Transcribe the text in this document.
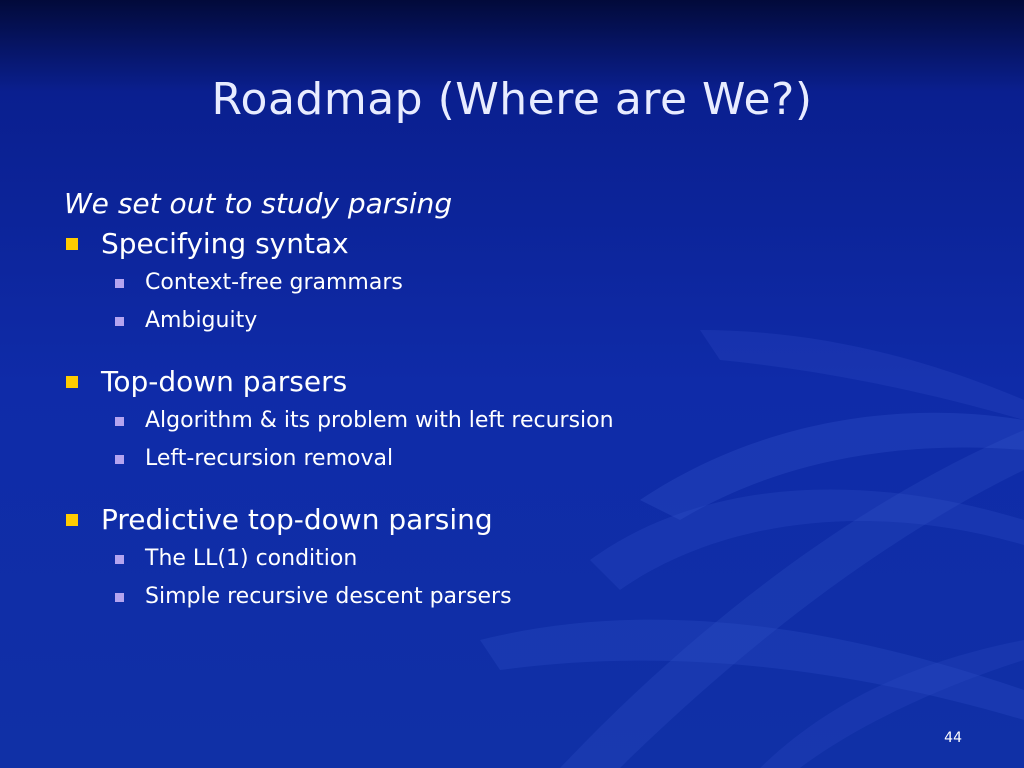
Roadmap (Where are We?)

We set out to study parsing

Specifying syntax
Context-free grammars
Ambiguity
Top-down parsers
Algorithm & its problem with left recursion
Left-recursion removal
Predictive top-down parsing
The LL(1) condition
Simple recursive descent parsers
44
